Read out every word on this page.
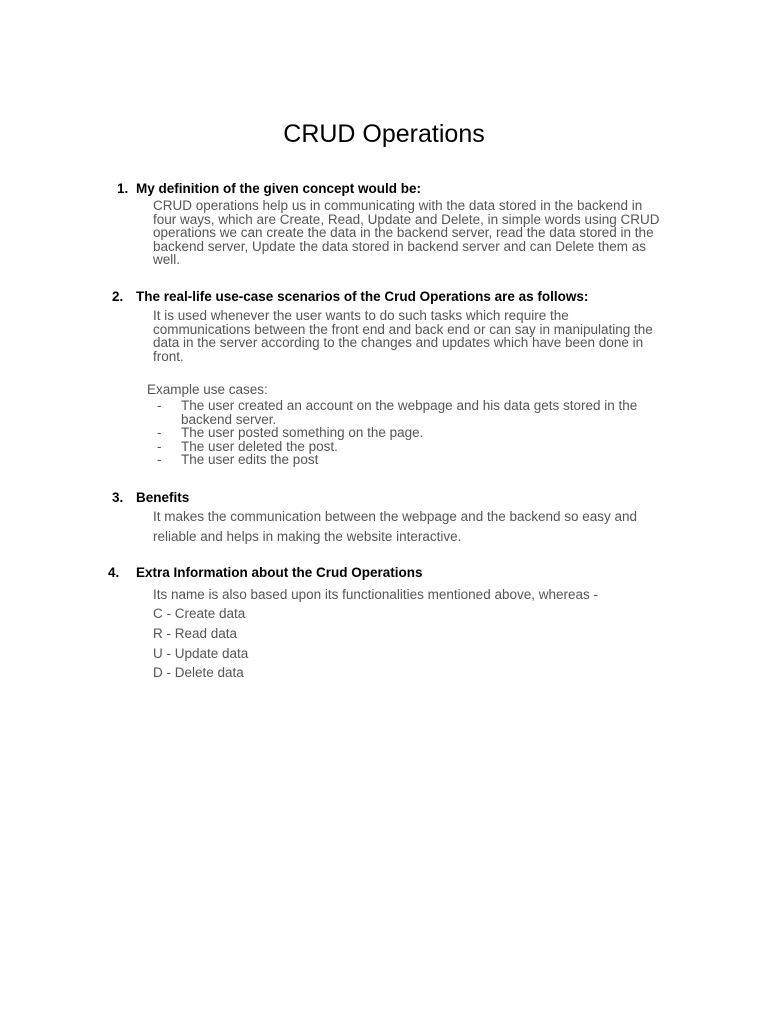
CRUD Operations
1. My definition of the given concept would be:

CRUD operations help us in communicating with the data stored in the backend in four ways, which are Create, Read, Update and Delete, in simple words using CRUD operations we can create the data in the backend server, read the data stored in the backend server, Update the data stored in backend server and can Delete them as well.

2. The real-life use-case scenarios of the Crud Operations are as follows:

It is used whenever the user wants to do such tasks which require the communications between the front end and back end or can say in manipulating the data in the server according to the changes and updates which have been done in front.

Example use cases:

-	The user created an account on the webpage and his data gets stored in the backend server.
-	The user posted something on the page.
-	The user deleted the post.
-	The user edits the post
3. Benefits

It makes the communication between the webpage and the backend so easy and reliable and helps in making the website interactive.

4. Extra Information about the Crud Operations

Its name is also based upon its functionalities mentioned above, whereas -

C - Create data
R - Read data
U - Update data
D - Delete data
